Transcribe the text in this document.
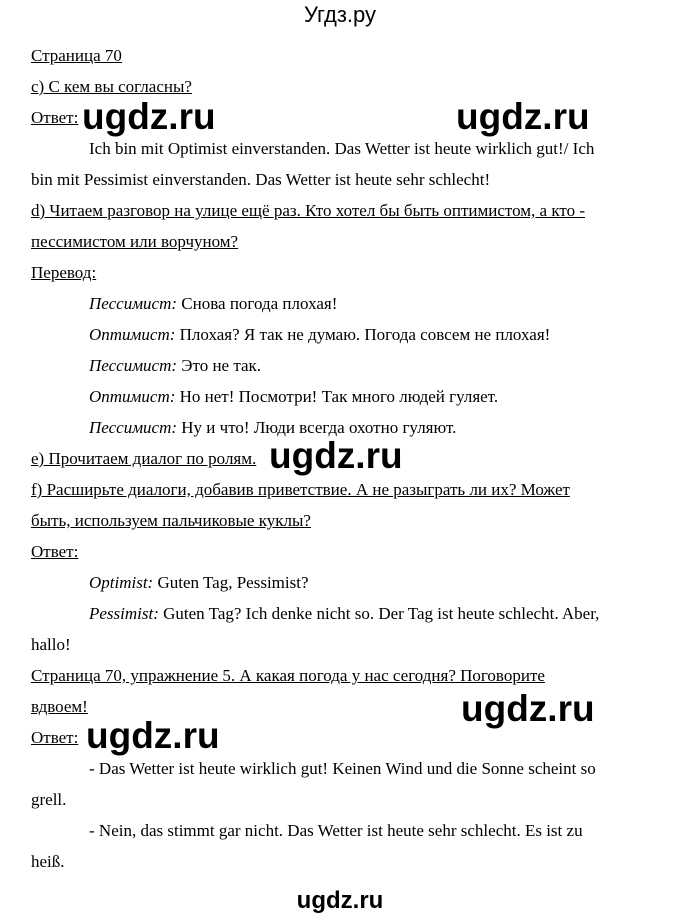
Угдз.ру
ugdz.ru	ugdz.ru
ugdz.ru
ugdz.ru
ugdz.ru
ugdz.ru
Страница 70
c) С кем вы согласны?
Ответ:
Ich bin mit Optimist einverstanden. Das Wetter ist heute wirklich gut!/ Ich
bin mit Pessimist einverstanden. Das Wetter ist heute sehr schlecht!
d) Читаем разговор на улице ещё раз. Кто хотел бы быть оптимистом, а кто -
пессимистом или ворчуном?
Перевод:
Пессимист: Снова погода плохая!
Оптимист: Плохая? Я так не думаю. Погода совсем не плохая!
Пессимист: Это не так.
Оптимист: Но нет! Посмотри! Так много людей гуляет.
Пессимист: Ну и что! Люди всегда охотно гуляют.
e) Прочитаем диалог по ролям.
f) Расширьте диалоги, добавив приветствие. А не разыграть ли их? Может
быть, используем пальчиковые куклы?
Ответ:
Optimist: Guten Tag, Pessimist?
Pessimist: Guten Tag? Ich denke nicht so. Der Tag ist heute schlecht. Aber,
hallo!
Страница 70, упражнение 5. А какая погода у нас сегодня? Поговорите
вдвоем!
Ответ:
- Das Wetter ist heute wirklich gut! Keinen Wind und die Sonne scheint so
grell.
- Nein, das stimmt gar nicht. Das Wetter ist heute sehr schlecht. Es ist zu
heiß.
